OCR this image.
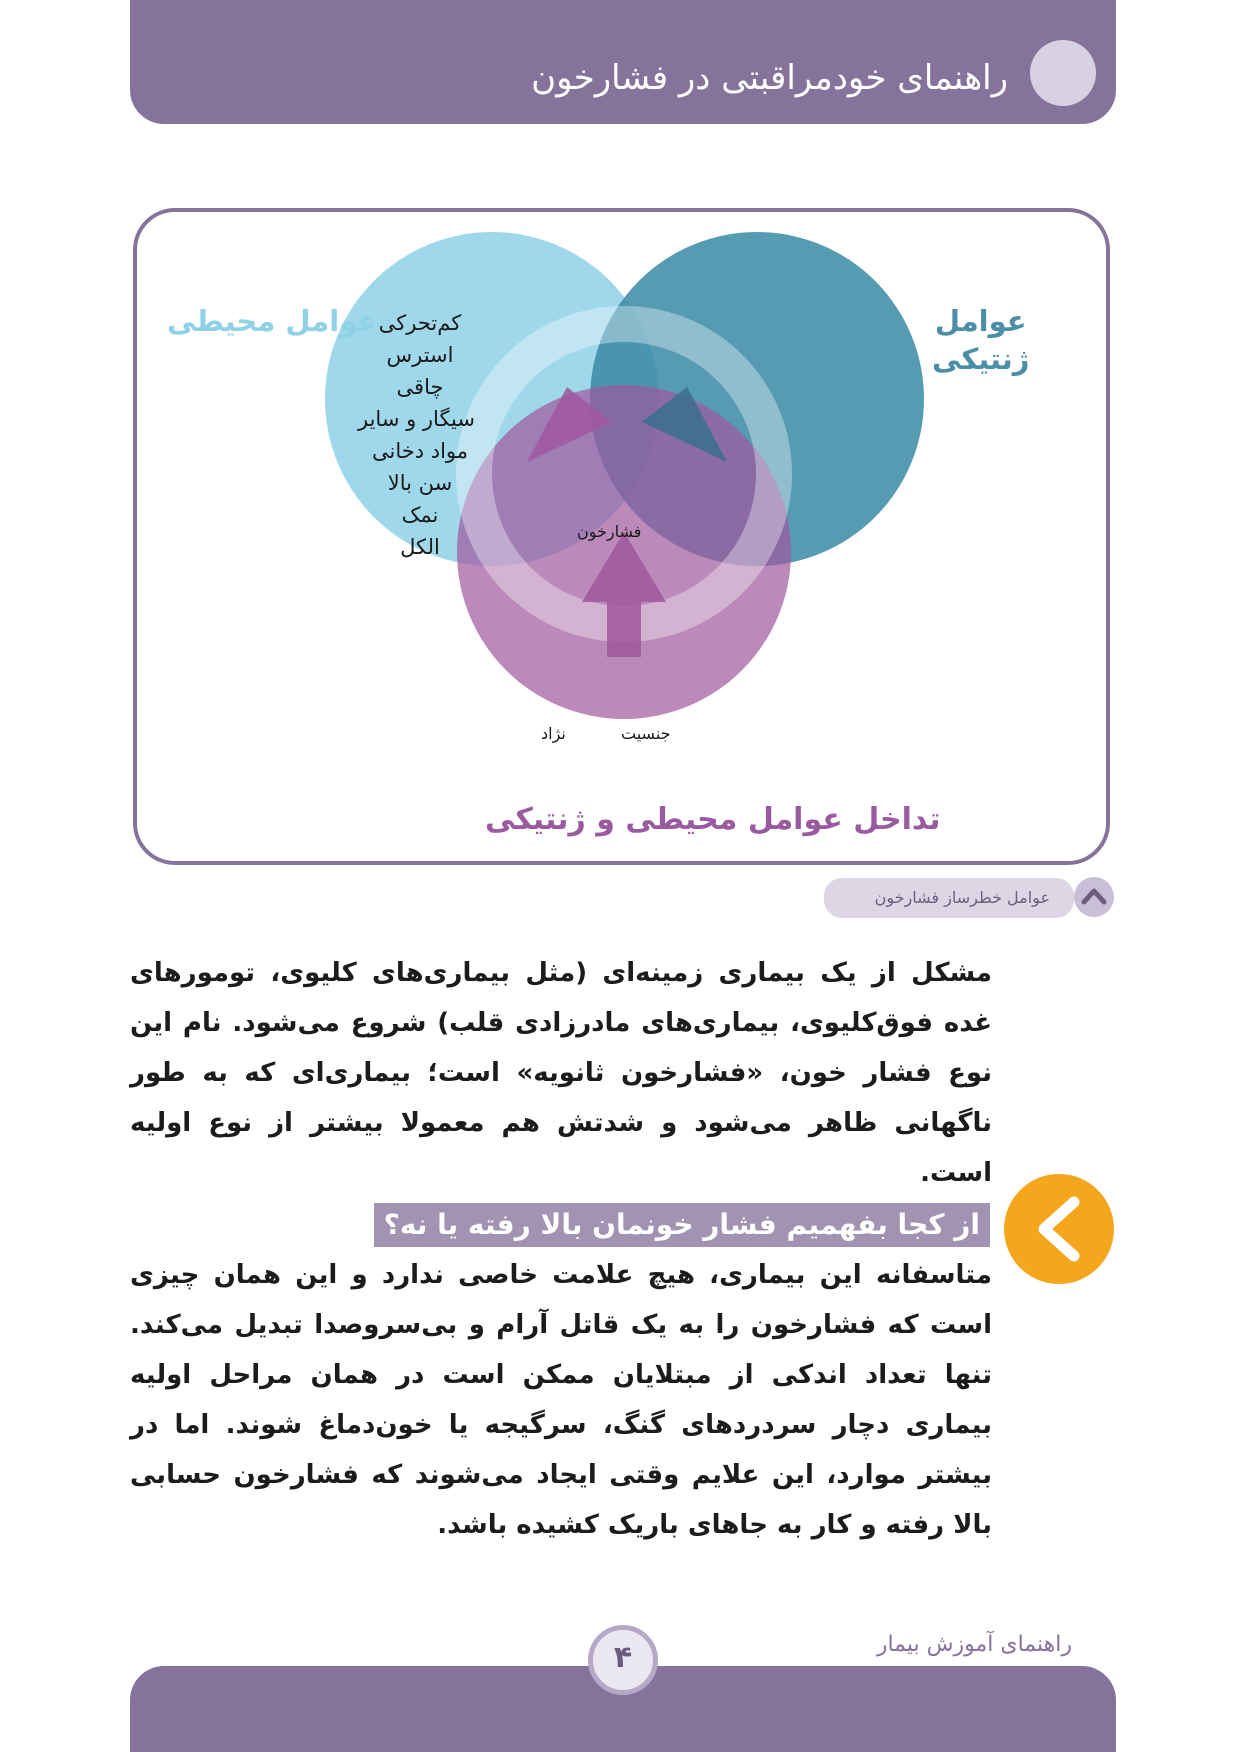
راهنمای خودمراقبتی در فشارخون
عوامل محیطی	عوامل
ژنتیکی
کم‌تحرکی
استرس
چاقی
سیگار و سایر
مواد دخانی
سن بالا
نمک
الکل
فشارخون
جنسیت
نژاد
تداخل عوامل محیطی و ژنتیکی
عوامل خطرساز فشارخون
مشکل از یک بیماری زمینه‌ای (مثل بیماری‌های کلیوی، تومورهای غده فوق‌کلیوی، بیماری‌های مادرزادی قلب) شروع می‌شود. نام این نوع فشار خون، «فشارخون ثانویه» است؛ بیماری‌ای که به طور ناگهانی ظاهر می‌شود و شدتش هم معمولا بیشتر از نوع اولیه است.
از کجا بفهمیم فشار خونمان بالا رفته یا نه؟
متاسفانه این بیماری، هیچ علامت خاصی ندارد و این همان چیزی است که فشارخون را به یک قاتل آرام و بی‌سروصدا تبدیل می‌کند. تنها تعداد اندکی از مبتلایان ممکن است در همان مراحل اولیه بیماری دچار سردردهای گنگ، سرگیجه یا خون‌دماغ شوند. اما در بیشتر موارد، این علایم وقتی ایجاد می‌شوند که فشارخون حسابی بالا رفته و کار به جاهای باریک کشیده باشد.
راهنمای آموزش بیمار
۴
